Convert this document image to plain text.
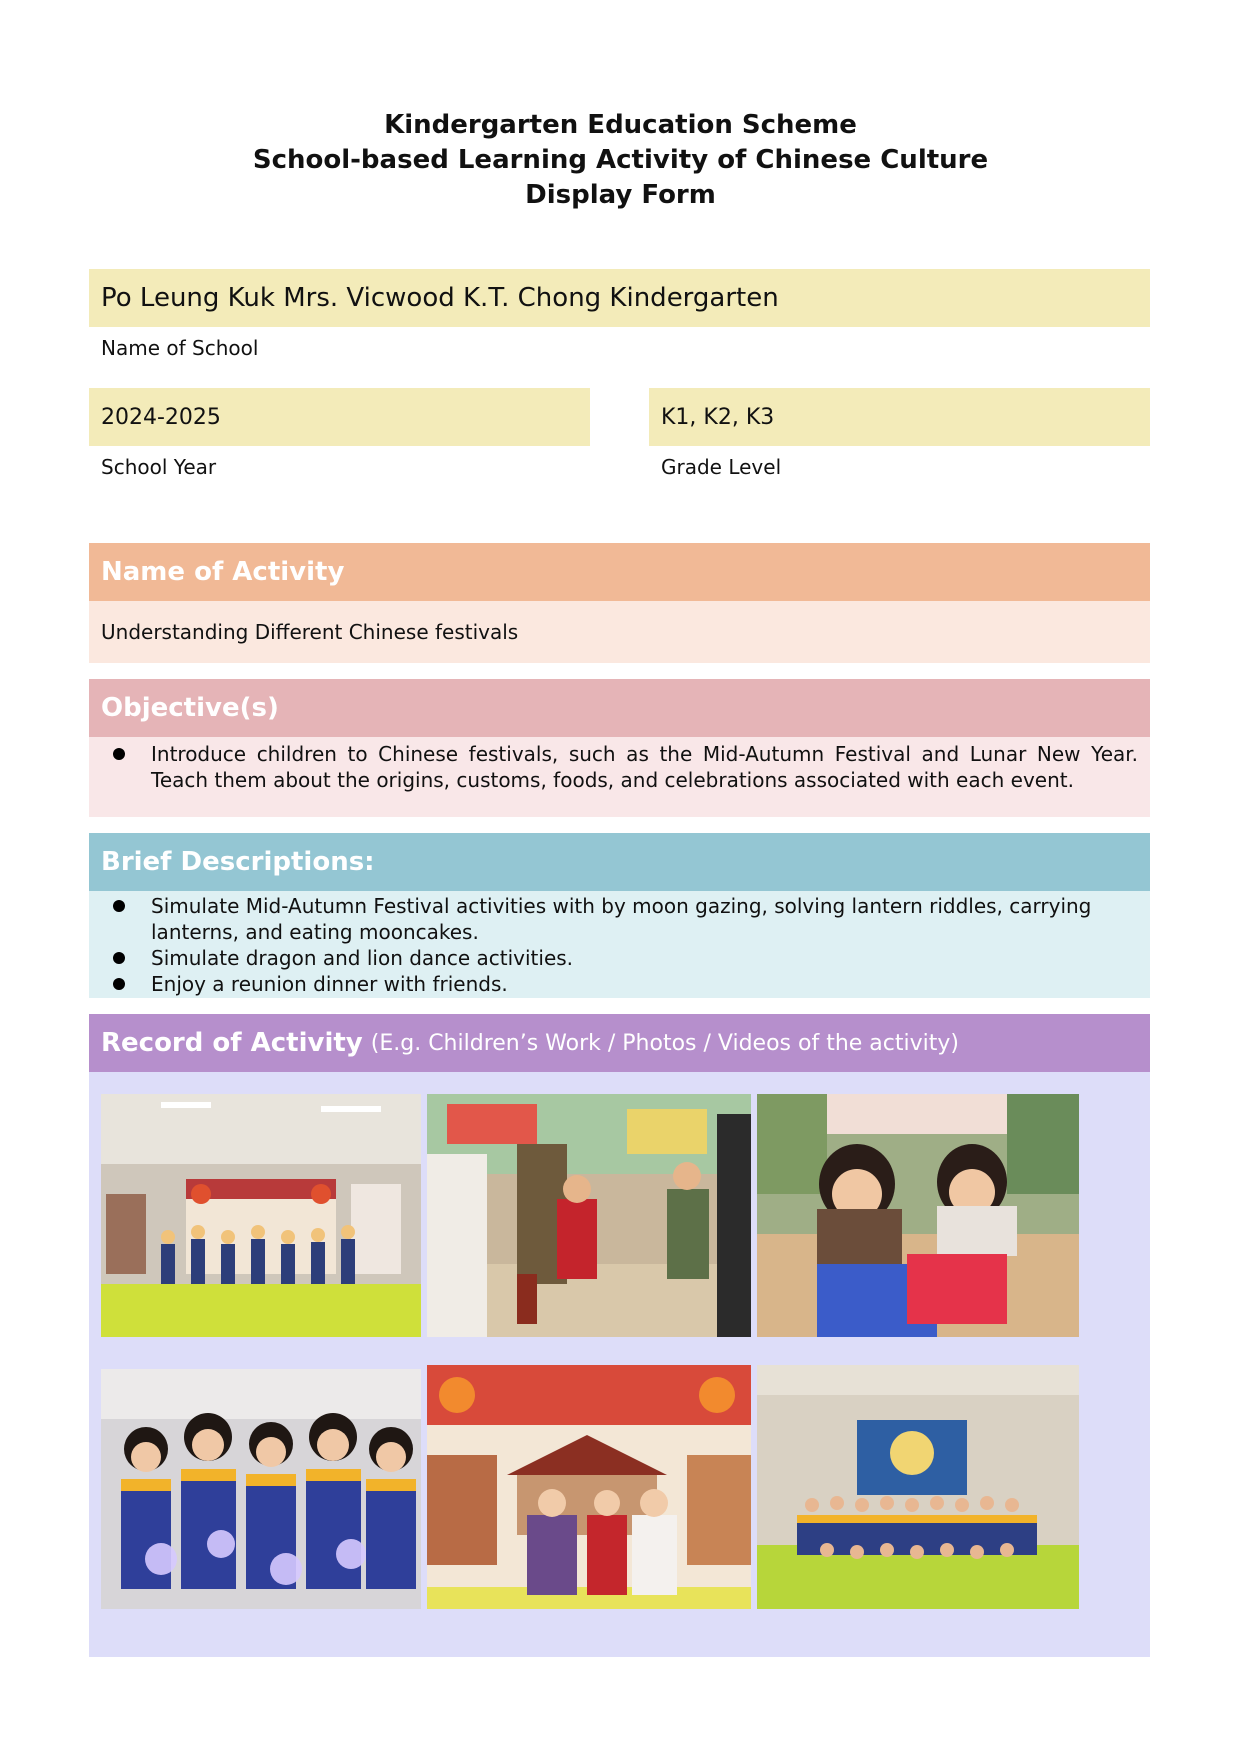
Kindergarten Education Scheme
School-based Learning Activity of Chinese Culture
Display Form
Po Leung Kuk Mrs. Vicwood K.T. Chong Kindergarten
Name of School
2024-2025
School Year
K1, K2, K3
Grade Level
Name of Activity
Understanding Different Chinese festivals
Objective(s)
Introduce children to Chinese festivals, such as the Mid-Autumn Festival and Lunar New Year. Teach them about the origins, customs, foods, and celebrations associated with each event.
Brief Descriptions:
Simulate Mid-Autumn Festival activities with by moon gazing, solving lantern riddles, carrying lanterns, and eating mooncakes.
Simulate dragon and lion dance activities.
Enjoy a reunion dinner with friends.
Record of Activity (E.g. Children’s Work / Photos / Videos of the activity)
